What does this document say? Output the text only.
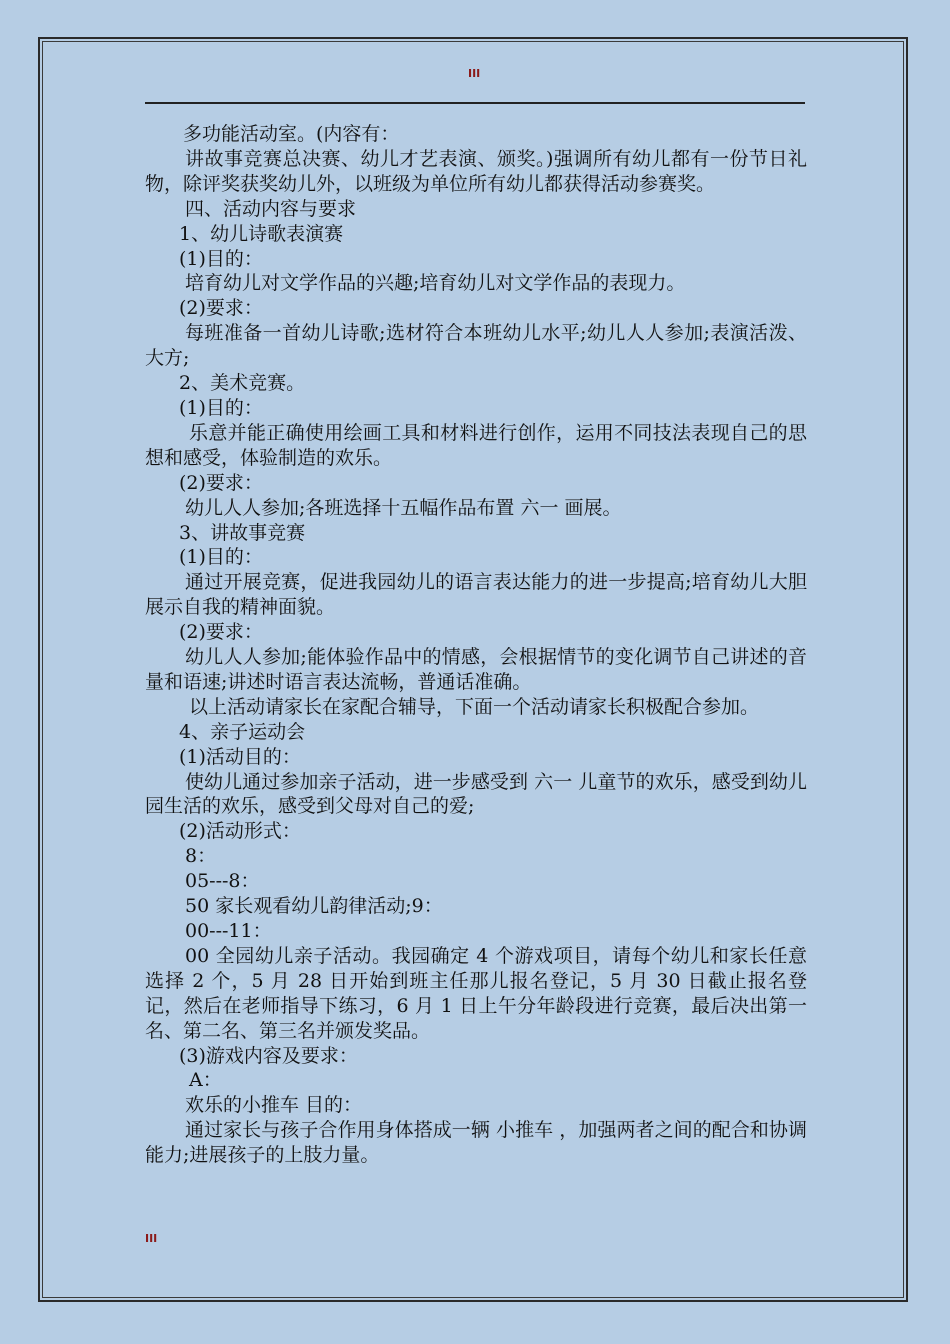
III

多功能活动室。(内容有：

讲故事竞赛总决赛、幼儿才艺表演、颁奖。)强调所有幼儿都有一份节日礼物，除评奖获奖幼儿外，以班级为单位所有幼儿都获得活动参赛奖。

四、活动内容与要求

1、幼儿诗歌表演赛

(1)目的：

培育幼儿对文学作品的兴趣;培育幼儿对文学作品的表现力。

(2)要求：

每班准备一首幼儿诗歌;选材符合本班幼儿水平;幼儿人人参加;表演活泼、大方;

2、美术竞赛。

(1)目的：

乐意并能正确使用绘画工具和材料进行创作，运用不同技法表现自己的思想和感受，体验制造的欢乐。

(2)要求：

幼儿人人参加;各班选择十五幅作品布置 六一 画展。

3、讲故事竞赛

(1)目的：

通过开展竞赛，促进我园幼儿的语言表达能力的进一步提高;培育幼儿大胆展示自我的精神面貌。

(2)要求：

幼儿人人参加;能体验作品中的情感，会根据情节的变化调节自己讲述的音量和语速;讲述时语言表达流畅，普通话准确。

以上活动请家长在家配合辅导，下面一个活动请家长积极配合参加。

4、亲子运动会

(1)活动目的：

使幼儿通过参加亲子活动，进一步感受到 六一 儿童节的欢乐，感受到幼儿园生活的欢乐，感受到父母对自己的爱;

(2)活动形式：

8：

05---8：

50 家长观看幼儿韵律活动;9：

00---11：

00 全园幼儿亲子活动。我园确定 4 个游戏项目，请每个幼儿和家长任意选择 2 个，5 月 28 日开始到班主任那儿报名登记，5 月 30 日截止报名登记，然后在老师指导下练习，6 月 1 日上午分年龄段进行竞赛，最后决出第一名、第二名、第三名并颁发奖品。

(3)游戏内容及要求：

A：

欢乐的小推车 目的：

通过家长与孩子合作用身体搭成一辆 小推车 ，加强两者之间的配合和协调能力;进展孩子的上肢力量。

III
